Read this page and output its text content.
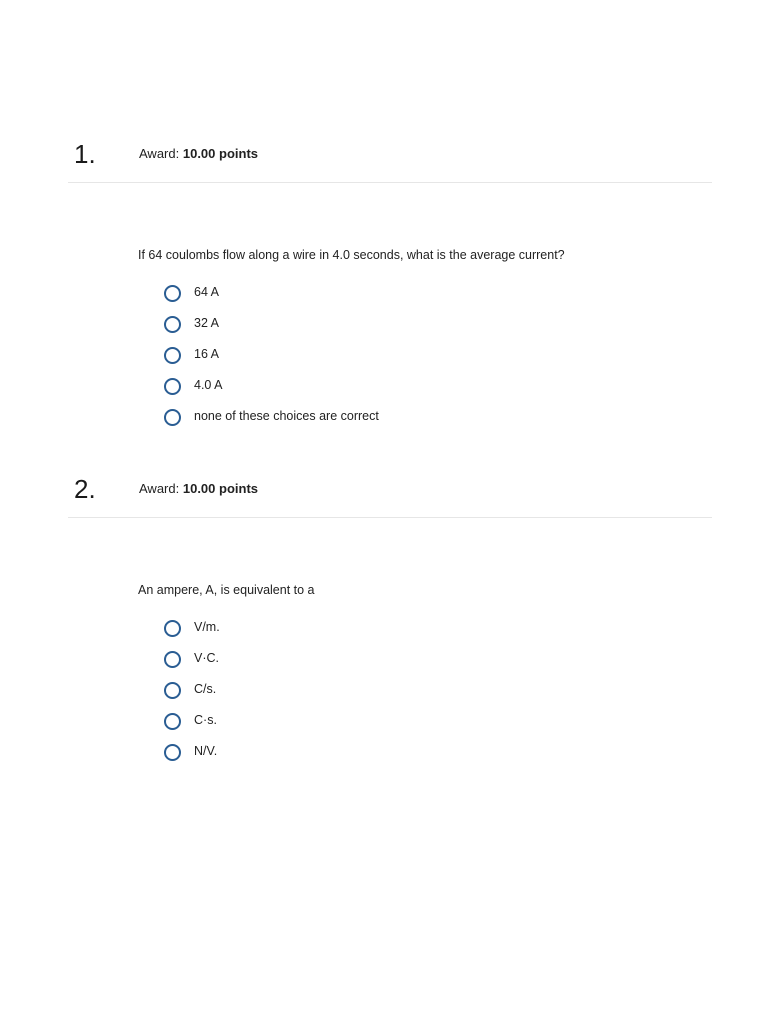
1.	Award: 10.00 points
If 64 coulombs flow along a wire in 4.0 seconds, what is the average current?
64 A
32 A
16 A
4.0 A
none of these choices are correct
2.	Award: 10.00 points
An ampere, A, is equivalent to a
V/m.
V·C.
C/s.
C·s.
N/V.
